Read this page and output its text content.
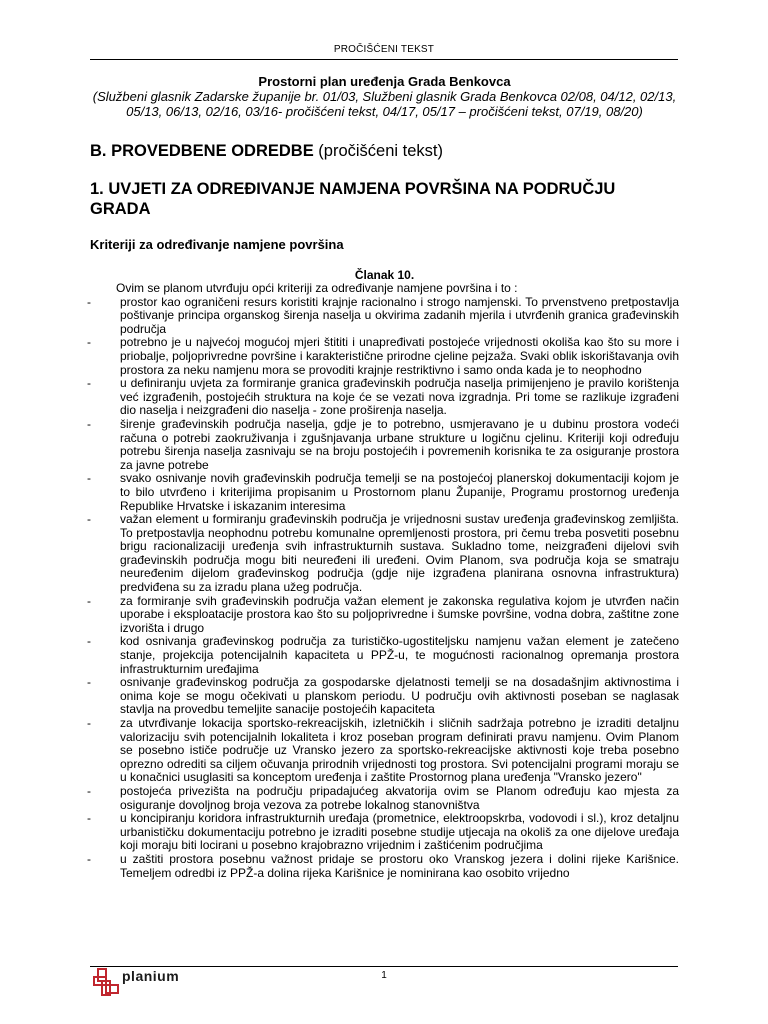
PROČIŠĆENI TEKST

Prostorni plan uređenja Grada Benkovca

(Službeni glasnik Zadarske županije br. 01/03, Službeni glasnik Grada Benkovca 02/08, 04/12, 02/13, 05/13, 06/13, 02/16, 03/16- pročišćeni tekst, 04/17, 05/17 – pročišćeni tekst, 07/19, 08/20)

B. PROVEDBENE ODREDBE (pročišćeni tekst)

1. UVJETI ZA ODREĐIVANJE NAMJENA POVRŠINA NA PODRUČJU GRADA

Kriteriji za određivanje namjene površina

Članak 10.

Ovim se planom utvrđuju opći kriteriji za određivanje namjene površina i to :

- prostor kao ograničeni resurs koristiti krajnje racionalno i strogo namjenski. To prvenstveno pretpostavlja poštivanje principa organskog širenja naselja u okvirima zadanih mjerila i utvrđenih granica građevinskih područja
- potrebno je u najvećoj mogućoj mjeri štititi i unapređivati postojeće vrijednosti okoliša kao što su more i priobalje, poljoprivredne površine i karakteristične prirodne cjeline pejzaža. Svaki oblik iskorištavanja ovih prostora za neku namjenu mora se provoditi krajnje restriktivno i samo onda kada je to neophodno
- u definiranju uvjeta za formiranje granica građevinskih područja naselja primijenjeno je pravilo korištenja već izgrađenih, postojećih struktura na koje će se vezati nova izgradnja. Pri tome se razlikuje izgrađeni dio naselja i neizgrađeni dio naselja - zone proširenja naselja.
- širenje građevinskih područja naselja, gdje je to potrebno, usmjeravano je u dubinu prostora vodeći računa o potrebi zaokruživanja i zgušnjavanja urbane strukture u logičnu cjelinu. Kriteriji koji određuju potrebu širenja naselja zasnivaju se na broju postojećih i povremenih korisnika te za osiguranje prostora za javne potrebe
- svako osnivanje novih građevinskih područja temelji se na postojećoj planerskoj dokumentaciji kojom je to bilo utvrđeno i kriterijima propisanim u Prostornom planu Županije, Programu prostornog uređenja Republike Hrvatske i iskazanim interesima
- važan element u formiranju građevinskih područja je vrijednosni sustav uređenja građevinskog zemljišta. To pretpostavlja neophodnu potrebu komunalne opremljenosti prostora, pri čemu treba posvetiti posebnu brigu racionalizaciji uređenja svih infrastrukturnih sustava. Sukladno tome, neizgrađeni dijelovi svih građevinskih područja mogu biti neuređeni ili uređeni. Ovim Planom, sva područja koja se smatraju neuređenim dijelom građevinskog područja (gdje nije izgrađena planirana osnovna infrastruktura) predviđena su za izradu plana užeg područja.
- za formiranje svih građevinskih područja važan element je zakonska regulativa kojom je utvrđen način uporabe i eksploatacije prostora kao što su poljoprivredne i šumske površine, vodna dobra, zaštitne zone izvorišta i drugo
- kod osnivanja građevinskog područja za turističko-ugostiteljsku namjenu važan element je zatečeno stanje, projekcija potencijalnih kapaciteta u PPŽ-u, te mogućnosti racionalnog opremanja prostora infrastrukturnim uređajima
- osnivanje građevinskog područja za gospodarske djelatnosti temelji se na dosadašnjim aktivnostima i onima koje se mogu očekivati u planskom periodu. U području ovih aktivnosti poseban se naglasak stavlja na provedbu temeljite sanacije postojećih kapaciteta
- za utvrđivanje lokacija sportsko-rekreacijskih, izletničkih i sličnih sadržaja potrebno je izraditi detaljnu valorizaciju svih potencijalnih lokaliteta i kroz poseban program definirati pravu namjenu. Ovim Planom se posebno ističe područje uz Vransko jezero za sportsko-rekreacijske aktivnosti koje treba posebno oprezno odrediti sa ciljem očuvanja prirodnih vrijednosti tog prostora. Svi potencijalni programi moraju se u konačnici usuglasiti sa konceptom uređenja i zaštite Prostornog plana uređenja "Vransko jezero"
- postojeća privezišta na području pripadajućeg akvatorija ovim se Planom određuju kao mjesta za osiguranje dovoljnog broja vezova za potrebe lokalnog stanovništva
- u koncipiranju koridora infrastrukturnih uređaja (prometnice, elektroopskrba, vodovodi i sl.), kroz detaljnu urbanističku dokumentaciju potrebno je izraditi posebne studije utjecaja na okoliš za one dijelove uređaja koji moraju biti locirani u posebno krajobrazno vrijednim i zaštićenim područjima
- u zaštiti prostora posebnu važnost pridaje se prostoru oko Vranskog jezera i dolini rijeke Karišnice. Temeljem odredbi iz PPŽ-a dolina rijeka Karišnice je nominirana kao osobito vrijedno
planium	1
